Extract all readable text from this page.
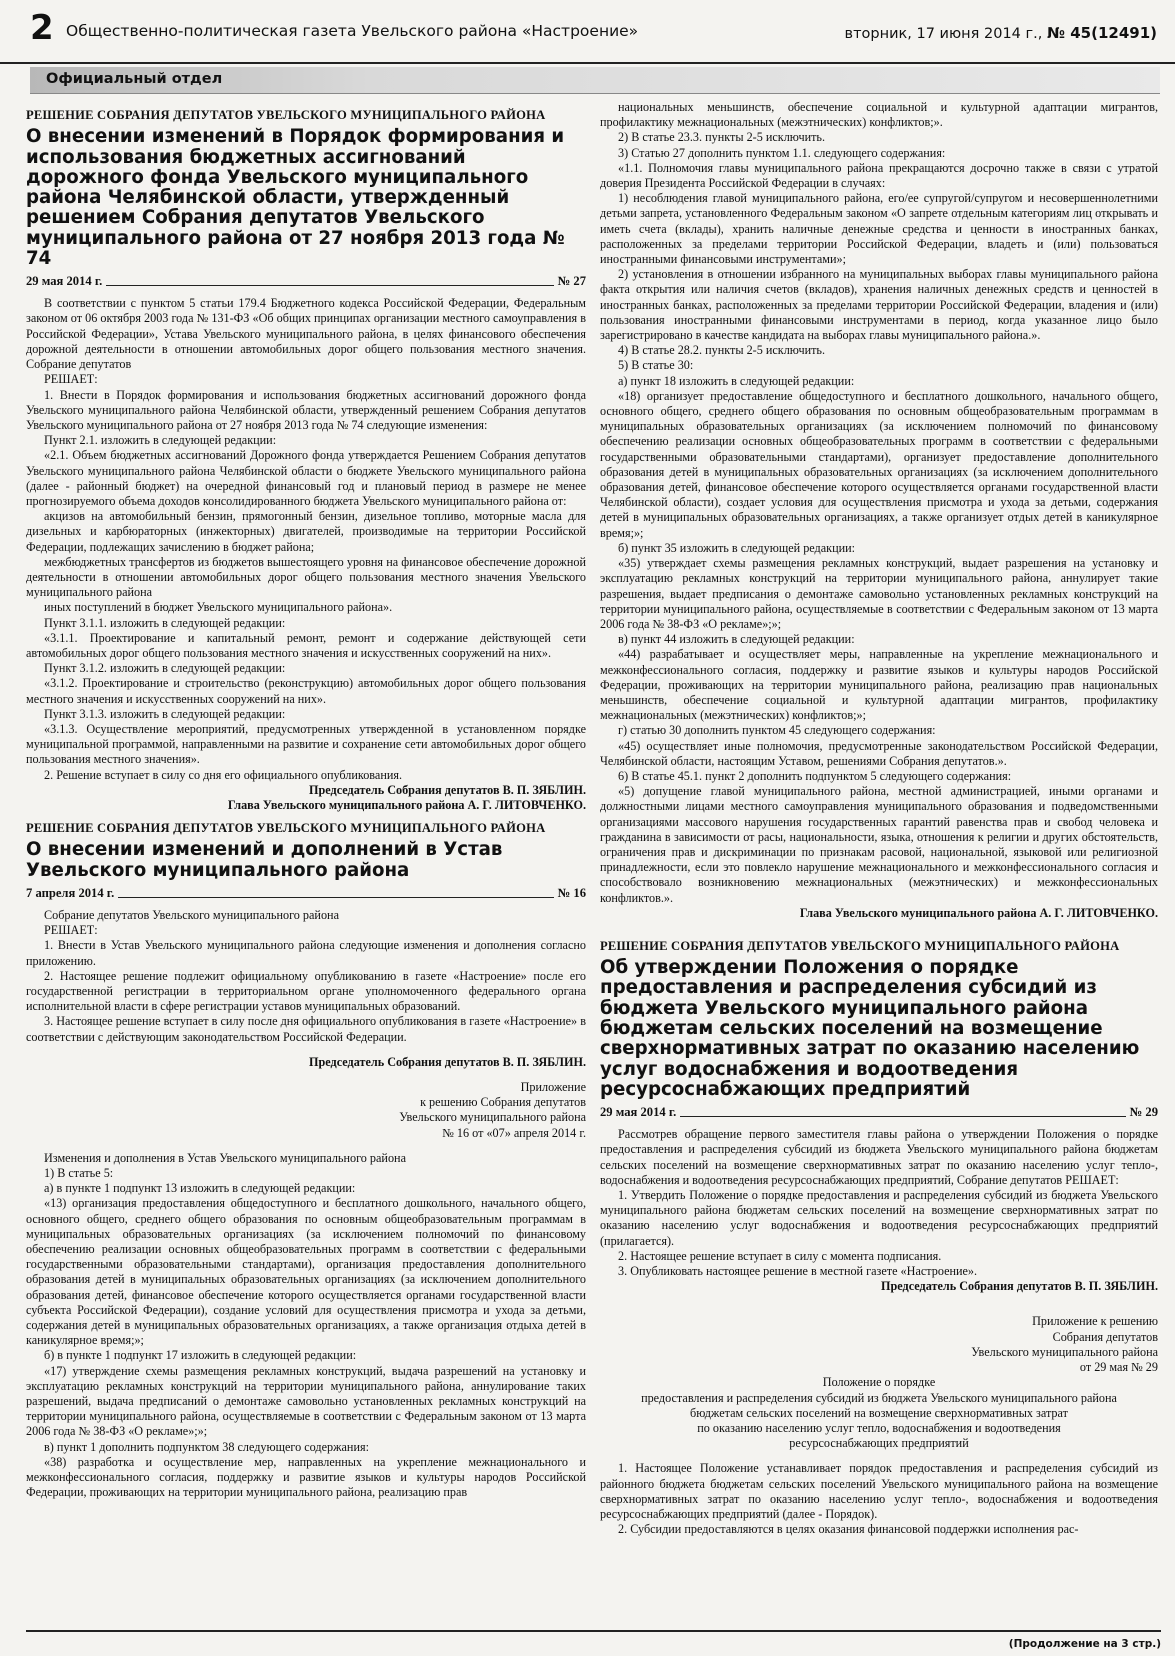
2 Общественно-политическая газета Увельского района «Настроение»	вторник, 17 июня 2014 г., № 45(12491)
Официальный отдел
РЕШЕНИЕ СОБРАНИЯ ДЕПУТАТОВ УВЕЛЬСКОГО МУНИЦИПАЛЬНОГО РАЙОНА
О внесении изменений в Порядок формирования и использования бюджетных ассигнований дорожного фонда Увельского муниципального района Челябинской области, утвержденный решением Собрания депутатов Увельского муниципального района от 27 ноября 2013 года № 74
29 мая 2014 г.	№ 27

В соответствии с пунктом 5 статьи 179.4 Бюджетного кодекса Российской Федерации, Федеральным законом от 06 октября 2003 года № 131-ФЗ «Об общих принципах организации местного самоуправления в Российской Федерации», Устава Увельского муниципального района, в целях финансового обеспечения дорожной деятельности в отношении автомобильных дорог общего пользования местного значения. Собрание депутатов

РЕШАЕТ:

1. Внести в Порядок формирования и использования бюджетных ассигнований дорожного фонда Увельского муниципального района Челябинской области, утвержденный решением Собрания депутатов Увельского муниципального района от 27 ноября 2013 года № 74 следующие изменения:

Пункт 2.1. изложить в следующей редакции:

«2.1. Объем бюджетных ассигнований Дорожного фонда утверждается Решением Собрания депутатов Увельского муниципального района Челябинской области о бюджете Увельского муниципального района (далее - районный бюджет) на очередной финансовый год и плановый период в размере не менее прогнозируемого объема доходов консолидированного бюджета Увельского муниципального района от:

акцизов на автомобильный бензин, прямогонный бензин, дизельное топливо, моторные масла для дизельных и карбюраторных (инжекторных) двигателей, производимые на территории Российской Федерации, подлежащих зачислению в бюджет района;

межбюджетных трансфертов из бюджетов вышестоящего уровня на финансовое обеспечение дорожной деятельности в отношении автомобильных дорог общего пользования местного значения Увельского муниципального района

иных поступлений в бюджет Увельского муниципального района».

Пункт 3.1.1. изложить в следующей редакции:

«3.1.1. Проектирование и капитальный ремонт, ремонт и содержание действующей сети автомобильных дорог общего пользования местного значения и искусственных сооружений на них».

Пункт 3.1.2. изложить в следующей редакции:

«3.1.2. Проектирование и строительство (реконструкцию) автомобильных дорог общего пользования местного значения и искусственных сооружений на них».

Пункт 3.1.3. изложить в следующей редакции:

«3.1.3. Осуществление мероприятий, предусмотренных утвержденной в установленном порядке муниципальной программой, направленными на развитие и сохранение сети автомобильных дорог общего пользования местного значения».

2. Решение вступает в силу со дня его официального опубликования.

Председатель Собрания депутатов В. П. ЗЯБЛИН.

Глава Увельского муниципального района А. Г. ЛИТОВЧЕНКО.

РЕШЕНИЕ СОБРАНИЯ ДЕПУТАТОВ УВЕЛЬСКОГО МУНИЦИПАЛЬНОГО РАЙОНА
О внесении изменений и дополнений в Устав Увельского муниципального района
7 апреля 2014 г.	№ 16

Собрание депутатов Увельского муниципального района

РЕШАЕТ:

1. Внести в Устав Увельского муниципального района следующие изменения и дополнения согласно приложению.

2. Настоящее решение подлежит официальному опубликованию в газете «Настроение» после его государственной регистрации в территориальном органе уполномоченного федерального органа исполнительной власти в сфере регистрации уставов муниципальных образований.

3. Настоящее решение вступает в силу после дня официального опубликования в газете «Настроение» в соответствии с действующим законодательством Российской Федерации.

Председатель Собрания депутатов В. П. ЗЯБЛИН.

Приложение

к решению Собрания депутатов

Увельского муниципального района

№ 16 от «07» апреля 2014 г.

Изменения и дополнения в Устав Увельского муниципального района

1) В статье 5:

а) в пункте 1 подпункт 13 изложить в следующей редакции:

«13) организация предоставления общедоступного и бесплатного дошкольного, начального общего, основного общего, среднего общего образования по основным общеобразовательным программам в муниципальных образовательных организациях (за исключением полномочий по финансовому обеспечению реализации основных общеобразовательных программ в соответствии с федеральными государственными образовательными стандартами), организация предоставления дополнительного образования детей в муниципальных образовательных организациях (за исключением дополнительного образования детей, финансовое обеспечение которого осуществляется органами государственной власти субъекта Российской Федерации), создание условий для осуществления присмотра и ухода за детьми, содержания детей в муниципальных образовательных организациях, а также организация отдыха детей в каникулярное время;»;

б) в пункте 1 подпункт 17 изложить в следующей редакции:

«17) утверждение схемы размещения рекламных конструкций, выдача разрешений на установку и эксплуатацию рекламных конструкций на территории муниципального района, аннулирование таких разрешений, выдача предписаний о демонтаже самовольно установленных рекламных конструкций на территории муниципального района, осуществляемые в соответствии с Федеральным законом от 13 марта 2006 года № 38-ФЗ «О рекламе»;»;

в) пункт 1 дополнить подпунктом 38 следующего содержания:

«38) разработка и осуществление мер, направленных на укрепление межнационального и межконфессионального согласия, поддержку и развитие языков и культуры народов Российской Федерации, проживающих на территории муниципального района, реализацию прав

национальных меньшинств, обеспечение социальной и культурной адаптации мигрантов, профилактику межнациональных (межэтнических) конфликтов;».

2) В статье 23.3. пункты 2-5 исключить.

3) Статью 27 дополнить пунктом 1.1. следующего содержания:

«1.1. Полномочия главы муниципального района прекращаются досрочно также в связи с утратой доверия Президента Российской Федерации в случаях:

1) несоблюдения главой муниципального района, его/ее супругой/супругом и несовершеннолетними детьми запрета, установленного Федеральным законом «О запрете отдельным категориям лиц открывать и иметь счета (вклады), хранить наличные денежные средства и ценности в иностранных банках, расположенных за пределами территории Российской Федерации, владеть и (или) пользоваться иностранными финансовыми инструментами»;

2) установления в отношении избранного на муниципальных выборах главы муниципального района факта открытия или наличия счетов (вкладов), хранения наличных денежных средств и ценностей в иностранных банках, расположенных за пределами территории Российской Федерации, владения и (или) пользования иностранными финансовыми инструментами в период, когда указанное лицо было зарегистрировано в качестве кандидата на выборах главы муниципального района.».

4) В статье 28.2. пункты 2-5 исключить.

5) В статье 30:

а) пункт 18 изложить в следующей редакции:

«18) организует предоставление общедоступного и бесплатного дошкольного, начального общего, основного общего, среднего общего образования по основным общеобразовательным программам в муниципальных образовательных организациях (за исключением полномочий по финансовому обеспечению реализации основных общеобразовательных программ в соответствии с федеральными государственными образовательными стандартами), организует предоставление дополнительного образования детей в муниципальных образовательных организациях (за исключением дополнительного образования детей, финансовое обеспечение которого осуществляется органами государственной власти Челябинской области), создает условия для осуществления присмотра и ухода за детьми, содержания детей в муниципальных образовательных организациях, а также организует отдых детей в каникулярное время;»;

б) пункт 35 изложить в следующей редакции:

«35) утверждает схемы размещения рекламных конструкций, выдает разрешения на установку и эксплуатацию рекламных конструкций на территории муниципального района, аннулирует такие разрешения, выдает предписания о демонтаже самовольно установленных рекламных конструкций на территории муниципального района, осуществляемые в соответствии с Федеральным законом от 13 марта 2006 года № 38-ФЗ «О рекламе»;»;

в) пункт 44 изложить в следующей редакции:

«44) разрабатывает и осуществляет меры, направленные на укрепление межнационального и межконфессионального согласия, поддержку и развитие языков и культуры народов Российской Федерации, проживающих на территории муниципального района, реализацию прав национальных меньшинств, обеспечение социальной и культурной адаптации мигрантов, профилактику межнациональных (межэтнических) конфликтов;»;

г) статью 30 дополнить пунктом 45 следующего содержания:

«45) осуществляет иные полномочия, предусмотренные законодательством Российской Федерации, Челябинской области, настоящим Уставом, решениями Собрания депутатов.».

6) В статье 45.1. пункт 2 дополнить подпунктом 5 следующего содержания:

«5) допущение главой муниципального района, местной администрацией, иными органами и должностными лицами местного самоуправления муниципального образования и подведомственными организациями массового нарушения государственных гарантий равенства прав и свобод человека и гражданина в зависимости от расы, национальности, языка, отношения к религии и других обстоятельств, ограничения прав и дискриминации по признакам расовой, национальной, языковой или религиозной принадлежности, если это повлекло нарушение межнационального и межконфессионального согласия и способствовало возникновению межнациональных (межэтнических) и межконфессиональных конфликтов.».

Глава Увельского муниципального района А. Г. ЛИТОВЧЕНКО.

РЕШЕНИЕ СОБРАНИЯ ДЕПУТАТОВ УВЕЛЬСКОГО МУНИЦИПАЛЬНОГО РАЙОНА
Об утверждении Положения о порядке предоставления и распределения субсидий из бюджета Увельского муниципального района бюджетам сельских поселений на возмещение сверхнормативных затрат по оказанию населению услуг водоснабжения и водоотведения ресурсоснабжающих предприятий
29 мая 2014 г.	№ 29

Рассмотрев обращение первого заместителя главы района о утверждении Положения о порядке предоставления и распределения субсидий из бюджета Увельского муниципального района бюджетам сельских поселений на возмещение сверхнормативных затрат по оказанию населению услуг тепло-, водоснабжения и водоотведения ресурсоснабжающих предприятий, Собрание депутатов РЕШАЕТ:

1. Утвердить Положение о порядке предоставления и распределения субсидий из бюджета Увельского муниципального района бюджетам сельских поселений на возмещение сверхнормативных затрат по оказанию населению услуг водоснабжения и водоотведения ресурсоснабжающих предприятий (прилагается).

2. Настоящее решение вступает в силу с момента подписания.

3. Опубликовать настоящее решение в местной газете «Настроение».

Председатель Собрания депутатов В. П. ЗЯБЛИН.

Приложение к решению

Собрания депутатов

Увельского муниципального района

от 29 мая № 29

Положение о порядке

предоставления и распределения субсидий из бюджета Увельского муниципального района

бюджетам сельских поселений на возмещение сверхнормативных затрат

по оказанию населению услуг тепло, водоснабжения и водоотведения

ресурсоснабжающих предприятий

1. Настоящее Положение устанавливает порядок предоставления и распределения субсидий из районного бюджета бюджетам сельских поселений Увельского муниципального района на возмещение сверхнормативных затрат по оказанию населению услуг тепло-, водоснабжения и водоотведения ресурсоснабжающих предприятий (далее - Порядок).

2. Субсидии предоставляются в целях оказания финансовой поддержки исполнения рас-

(Продолжение на 3 стр.)
